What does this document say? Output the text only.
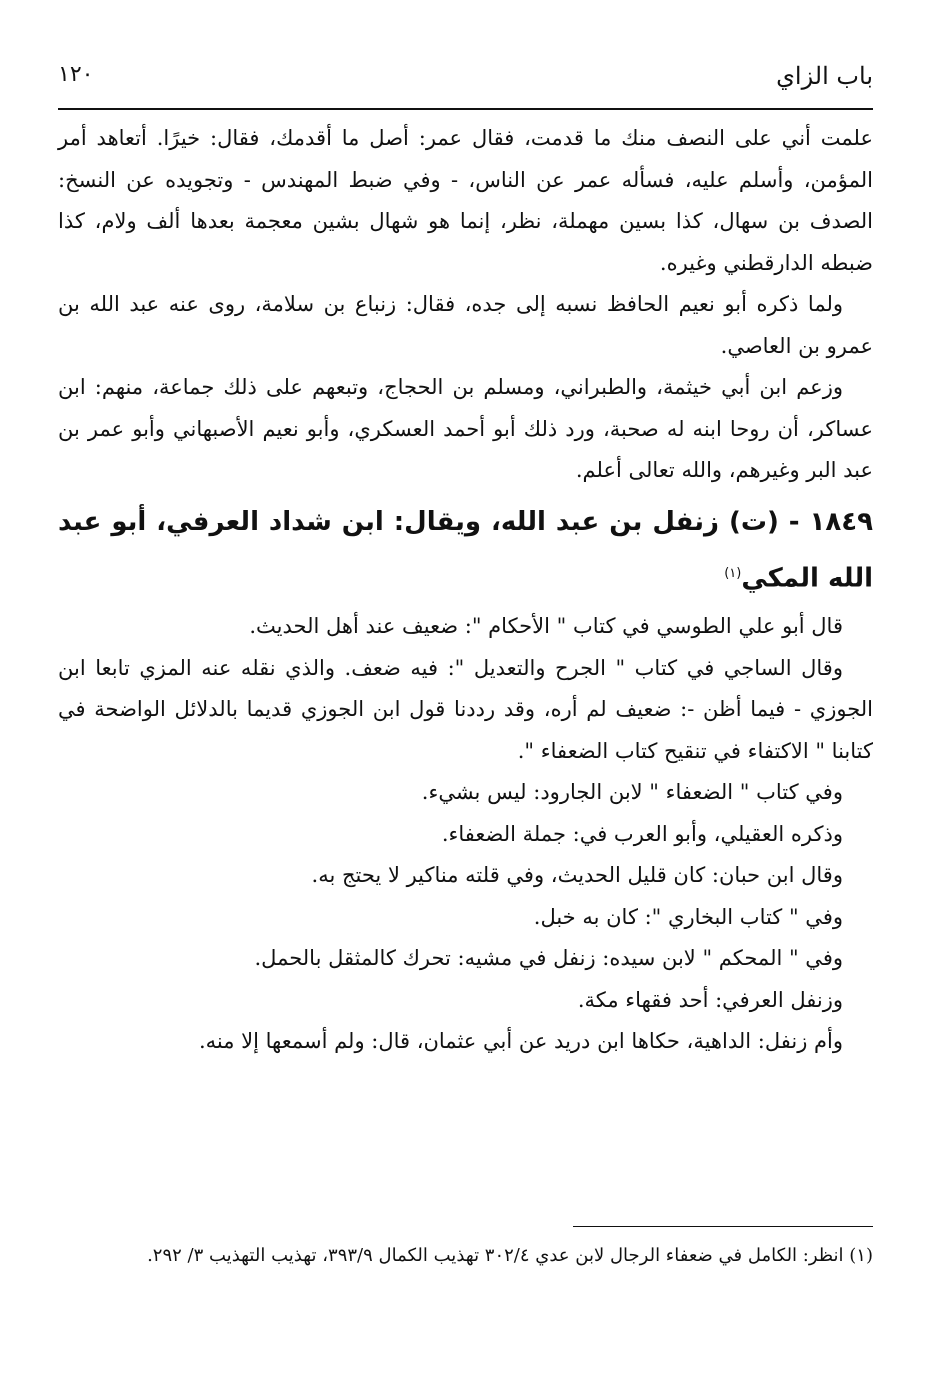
باب الزاي
١٢٠

علمت أني على النصف منك ما قدمت، فقال عمر: أصل ما أقدمك، فقال: خيرًا. أتعاهد أمر المؤمن، وأسلم عليه، فسأله عمر عن الناس، - وفي ضبط المهندس - وتجويده عن النسخ: الصدف بن سهال، كذا بسين مهملة، نظر، إنما هو شهال بشين معجمة بعدها ألف ولام، كذا ضبطه الدارقطني وغيره.

ولما ذكره أبو نعيم الحافظ نسبه إلى جده، فقال: زنباع بن سلامة، روى عنه عبد الله بن عمرو بن العاصي.

وزعم ابن أبي خيثمة، والطبراني، ومسلم بن الحجاج، وتبعهم على ذلك جماعة، منهم: ابن عساكر، أن روحا ابنه له صحبة، ورد ذلك أبو أحمد العسكري، وأبو نعيم الأصبهاني وأبو عمر بن عبد البر وغيرهم، والله تعالى أعلم.

١٨٤٩ - (ت) زنفل بن عبد الله، ويقال: ابن شداد العرفي، أبو عبد الله المكي$^{(١)}$

قال أبو علي الطوسي في كتاب " الأحكام ": ضعيف عند أهل الحديث.

وقال الساجي في كتاب " الجرح والتعديل ": فيه ضعف. والذي نقله عنه المزي تابعا ابن الجوزي - فيما أظن -: ضعيف لم أره، وقد رددنا قول ابن الجوزي قديما بالدلائل الواضحة في كتابنا " الاكتفاء في تنقيح كتاب الضعفاء ".

وفي كتاب " الضعفاء " لابن الجارود: ليس بشيء.

وذكره العقيلي، وأبو العرب في: جملة الضعفاء.

وقال ابن حبان: كان قليل الحديث، وفي قلته مناكير لا يحتج به.

وفي " كتاب البخاري ": كان به خبل.

وفي " المحكم " لابن سيده: زنفل في مشيه: تحرك كالمثقل بالحمل.

وزنفل العرفي: أحد فقهاء مكة.

وأم زنفل: الداهية، حكاها ابن دريد عن أبي عثمان، قال: ولم أسمعها إلا منه.

(١) انظر: الكامل في ضعفاء الرجال لابن عدي ٣٠٢/٤ تهذيب الكمال ٣٩٣/٩، تهذيب التهذيب ٣/ ٢٩٢.
